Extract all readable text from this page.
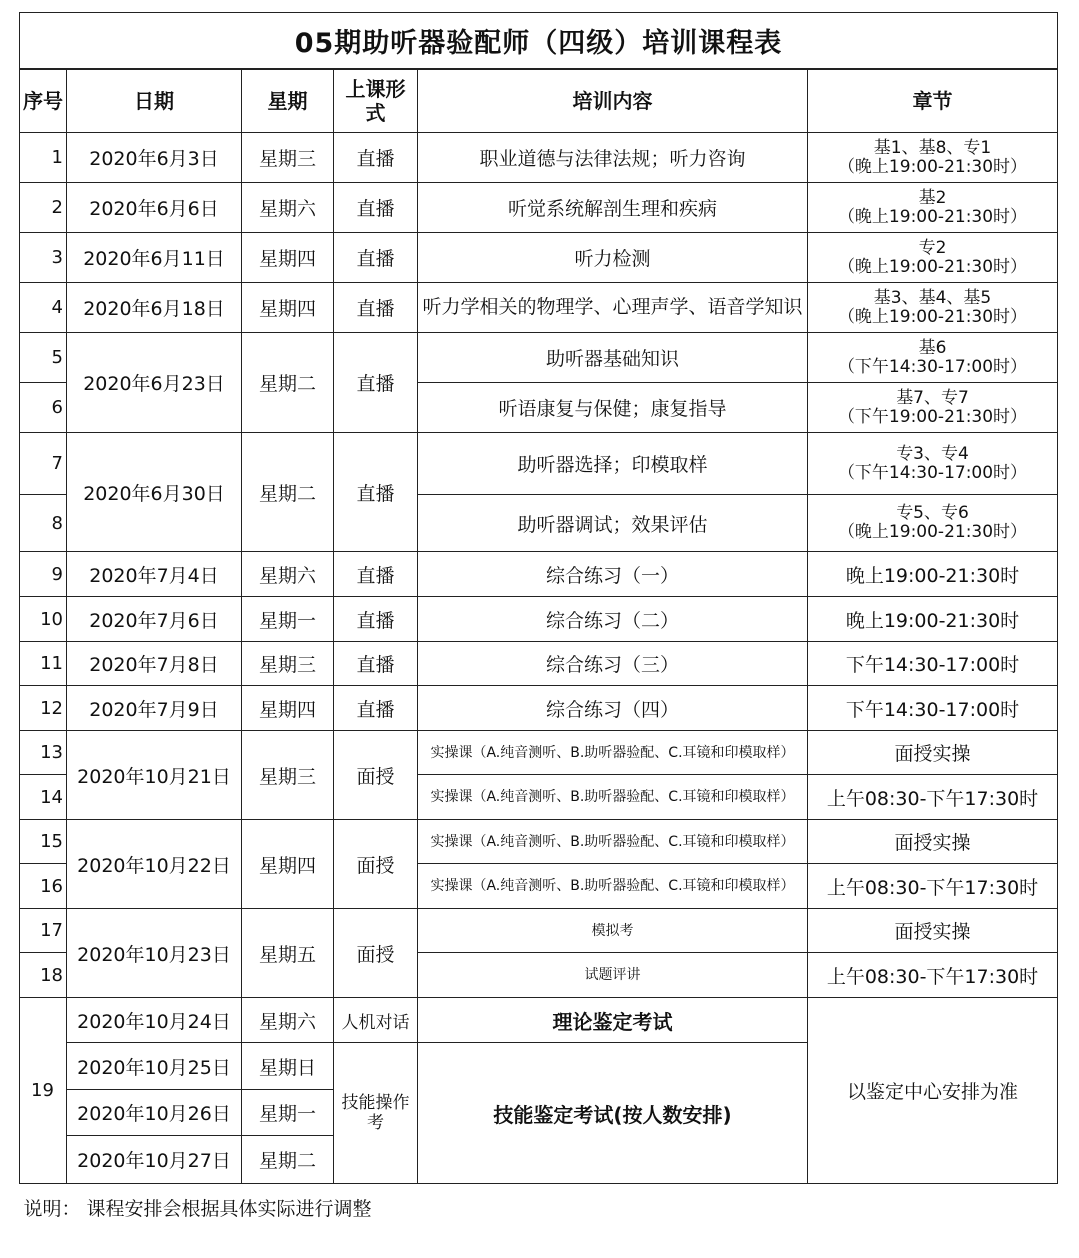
05期助听器验配师（四级）培训课程表					
序号	日期	星期	上课形式	培训内容	章节
1	2020年6月3日	星期三	直播	职业道德与法律法规；听力咨询	基1、基8、专1
（晚上19:00-21:30时）

2	2020年6月6日	星期六	直播	听觉系统解剖生理和疾病	基2
（晚上19:00-21:30时）

3	2020年6月11日	星期四	直播	听力检测	专2
（晚上19:00-21:30时）

4	2020年6月18日	星期四	直播	听力学相关的物理学、心理声学、语音学知识	基3、基4、基5
（晚上19:00-21:30时）

5	2020年6月23日	星期二	直播	助听器基础知识	基6
（下午14:30-17:00时）

6				听语康复与保健；康复指导	基7、专7
（下午19:00-21:30时）

7	2020年6月30日	星期二	直播	助听器选择；印模取样	专3、专4
（下午14:30-17:00时）

8				助听器调试；效果评估	专5、专6
（晚上19:00-21:30时）

9	2020年7月4日	星期六	直播	综合练习（一）	晚上19:00-21:30时
10	2020年7月6日	星期一	直播	综合练习（二）	晚上19:00-21:30时
11	2020年7月8日	星期三	直播	综合练习（三）	下午14:30-17:00时
12	2020年7月9日	星期四	直播	综合练习（四）	下午14:30-17:00时
13	2020年10月21日	星期三	面授	实操课（A.纯音测听、B.助听器验配、C.耳镜和印模取样）	面授实操
14				实操课（A.纯音测听、B.助听器验配、C.耳镜和印模取样）	上午08:30-下午17:30时
15	2020年10月22日	星期四	面授	实操课（A.纯音测听、B.助听器验配、C.耳镜和印模取样）	面授实操
16				实操课（A.纯音测听、B.助听器验配、C.耳镜和印模取样）	上午08:30-下午17:30时
17	2020年10月23日	星期五	面授	模拟考	面授实操
18				试题评讲	上午08:30-下午17:30时
19	2020年10月24日	星期六	人机对话	理论鉴定考试	以鉴定中心安排为准
	2020年10月25日	星期日	技能操作考	技能鉴定考试(按人数安排)	
	2020年10月26日	星期一			
	2020年10月27日	星期二			
说明： 课程安排会根据具体实际进行调整					
